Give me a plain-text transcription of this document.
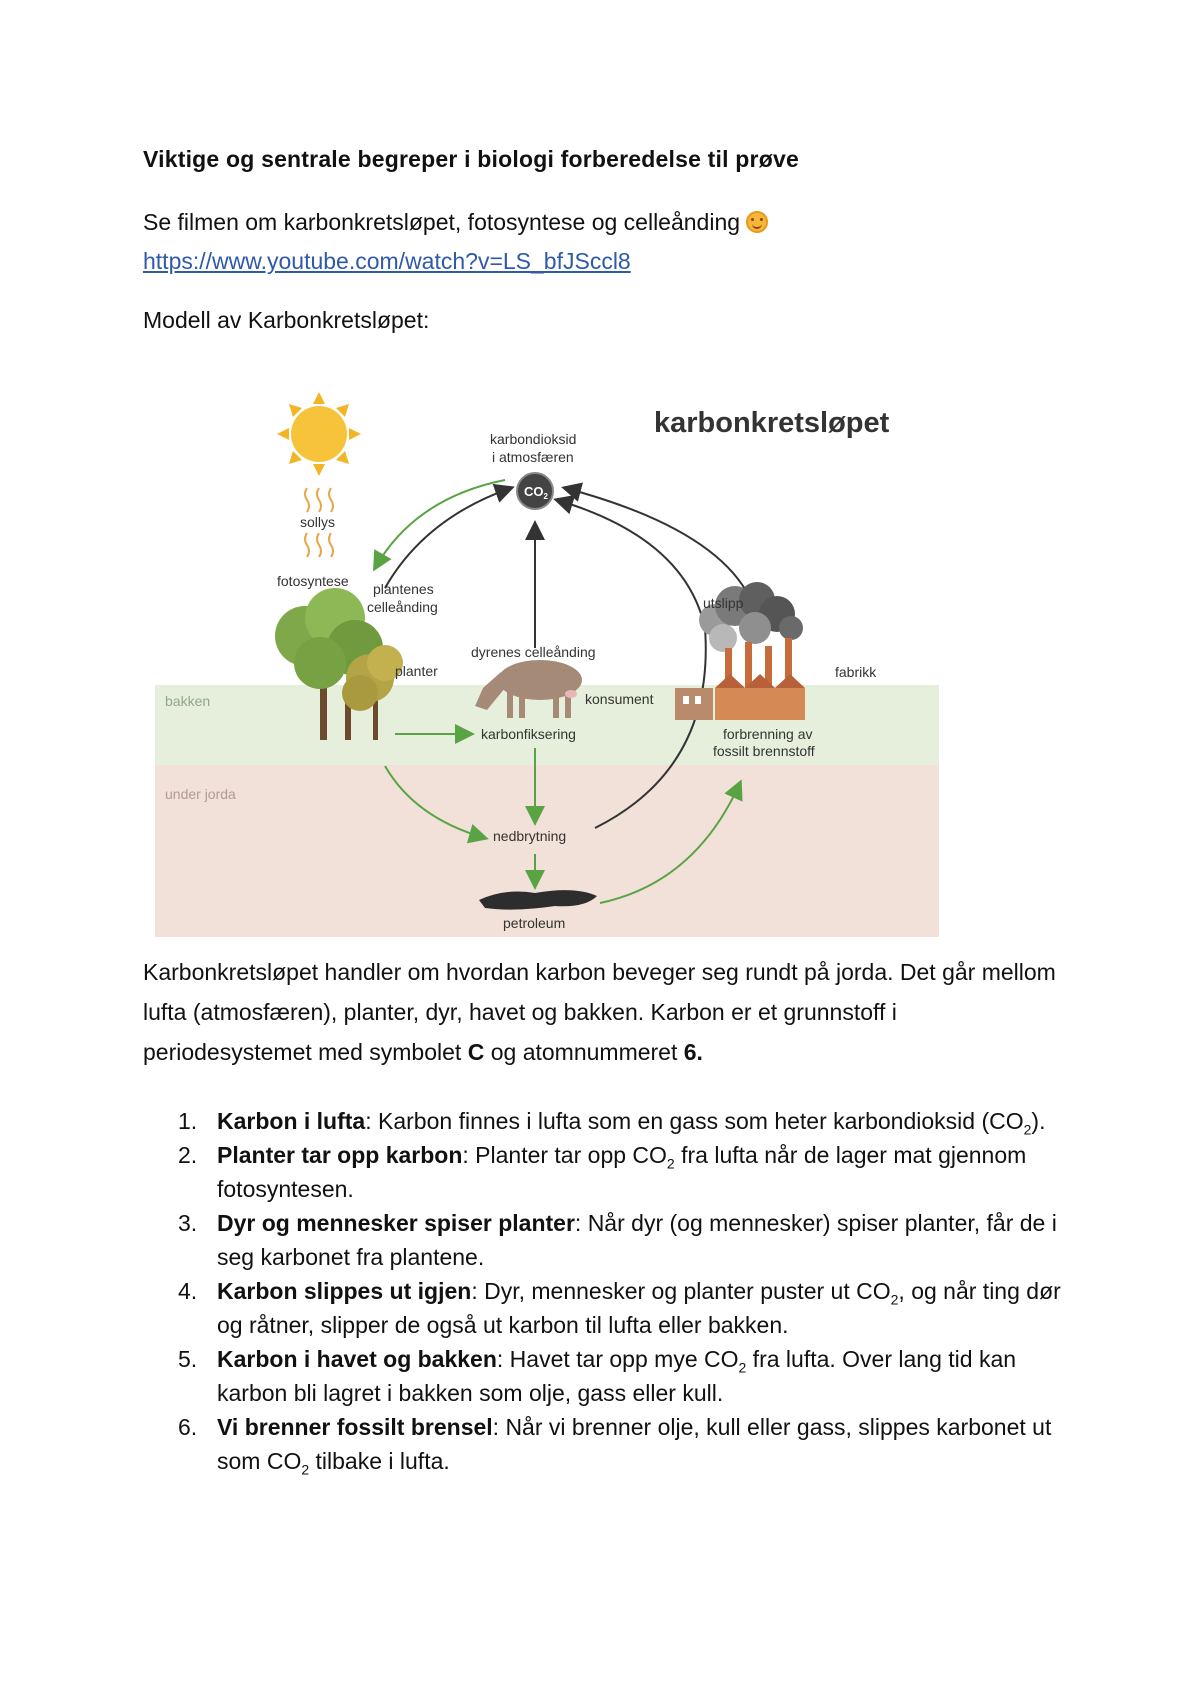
Viktige og sentrale begreper i biologi forberedelse til prøve
Se filmen om karbonkretsløpet, fotosyntese og celleånding
https://www.youtube.com/watch?v=LS_bfJSccl8
Modell av Karbonkretsløpet:
bakken
under jorda
karbonkretsløpet
sollys
fotosyntese
karbondioksid
i atmosfæren
$CO_2$
plantenes
celleånding
planter
dyrenes celleånding
konsument
karbonfiksering
nedbrytning
petroleum
utslipp
fabrikk
forbrenning av
fossilt brennstoff
Karbonkretsløpet handler om hvordan karbon beveger seg rundt på jorda. Det går mellom lufta (atmosfæren), planter, dyr, havet og bakken. Karbon er et grunnstoff i periodesystemet med symbolet C og atomnummeret 6.
1. Karbon i lufta: Karbon finnes i lufta som en gass som heter karbondioksid $(CO_2)$.
2. Planter tar opp karbon: Planter tar opp $CO_2$ fra lufta når de lager mat gjennom fotosyntesen.
3. Dyr og mennesker spiser planter: Når dyr (og mennesker) spiser planter, får de i seg karbonet fra plantene.
4. Karbon slippes ut igjen: Dyr, mennesker og planter puster ut $CO_2$, og når ting dør og råtner, slipper de også ut karbon til lufta eller bakken.
5. Karbon i havet og bakken: Havet tar opp mye $CO_2$ fra lufta. Over lang tid kan karbon bli lagret i bakken som olje, gass eller kull.
6. Vi brenner fossilt brensel: Når vi brenner olje, kull eller gass, slippes karbonet ut som $CO_2$ tilbake i lufta.
